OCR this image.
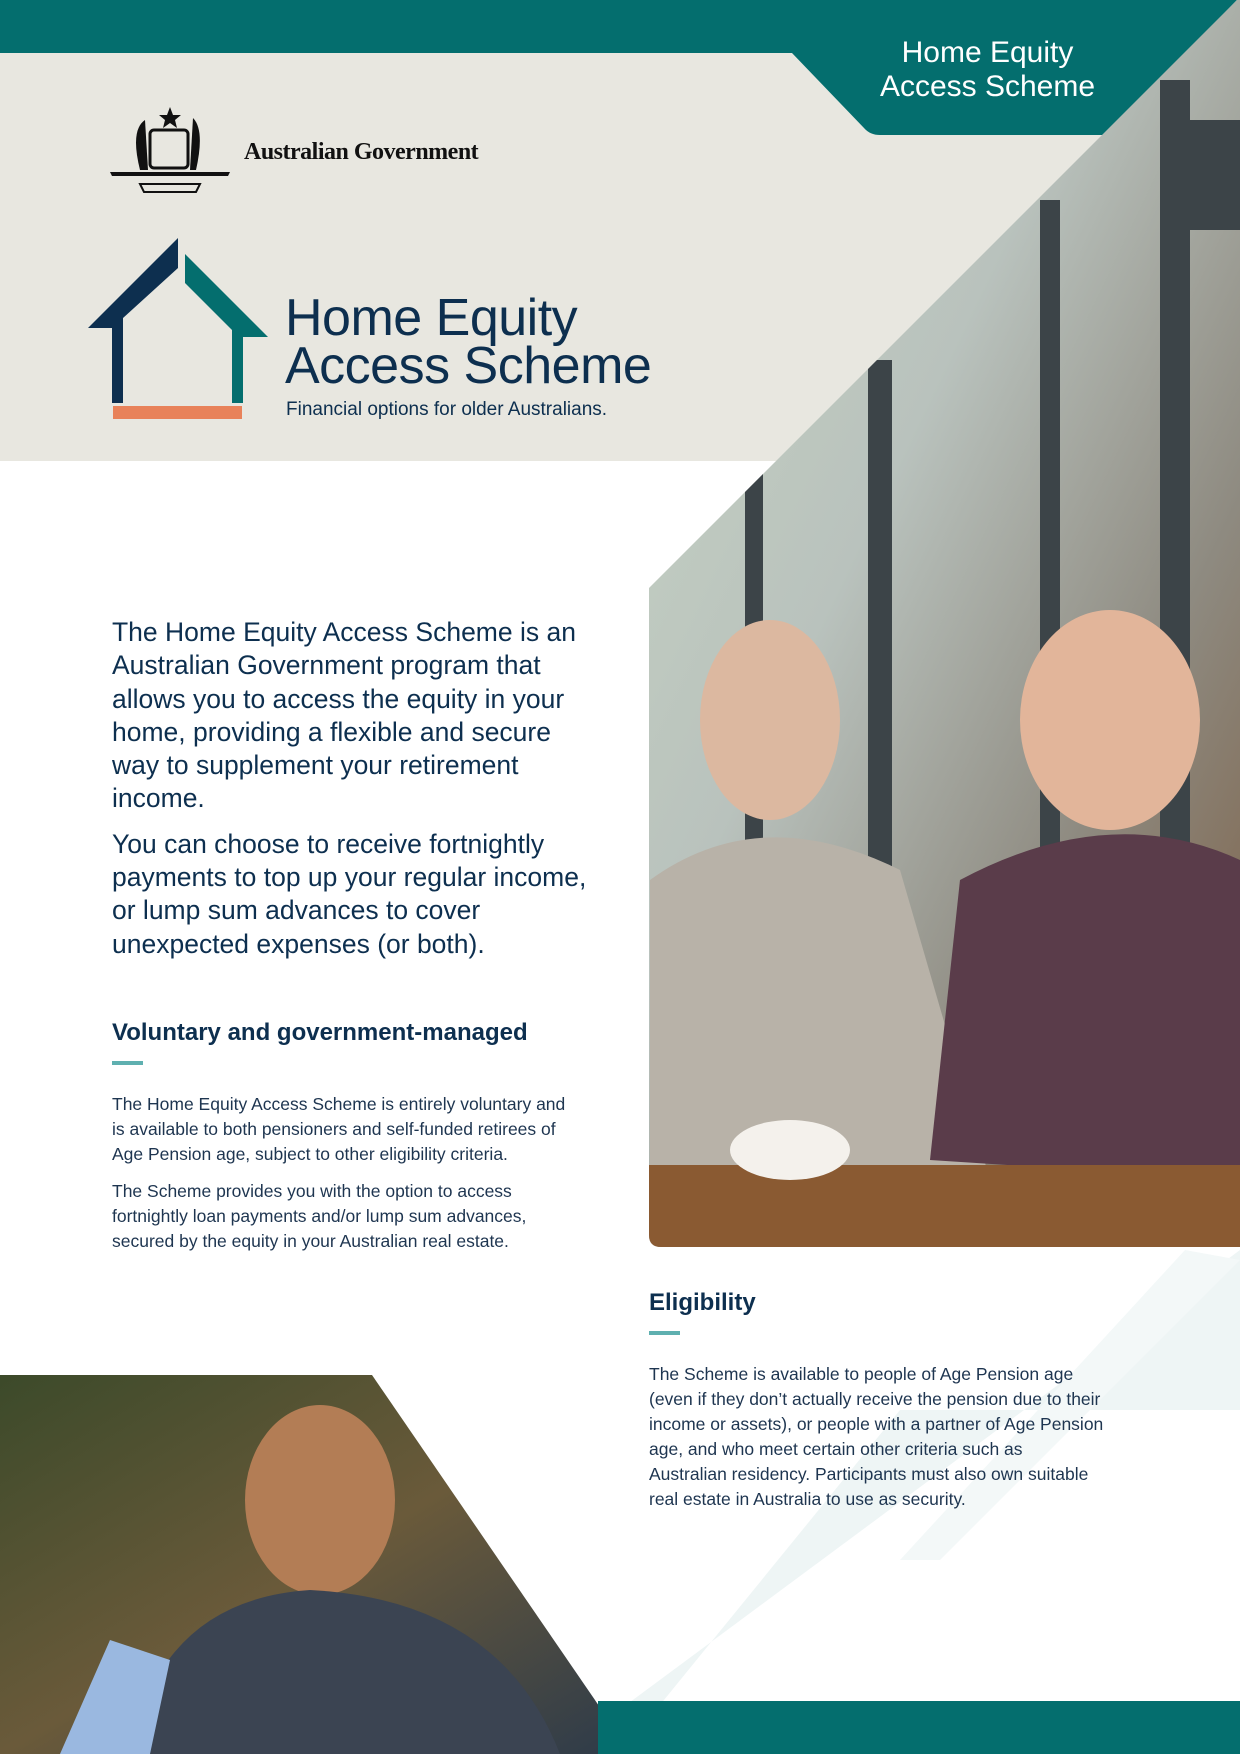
Home Equity
Access Scheme
Australian Government
Home Equity
Access Scheme
Financial options for older Australians.

The Home Equity Access Scheme is an Australian Government program that allows you to access the equity in your home, providing a flexible and secure way to supplement your retirement income.

You can choose to receive fortnightly payments to top up your regular income, or lump sum advances to cover unexpected expenses (or both).

Voluntary and government-managed

The Home Equity Access Scheme is entirely voluntary and is available to both pensioners and self-funded retirees of Age Pension age, subject to other eligibility criteria.

The Scheme provides you with the option to access fortnightly loan payments and/or lump sum advances, secured by the equity in your Australian real estate.

Eligibility

The Scheme is available to people of Age Pension age (even if they don’t actually receive the pension due to their income or assets), or people with a partner of Age Pension age, and who meet certain other criteria such as Australian residency. Participants must also own suitable real estate in Australia to use as security.
